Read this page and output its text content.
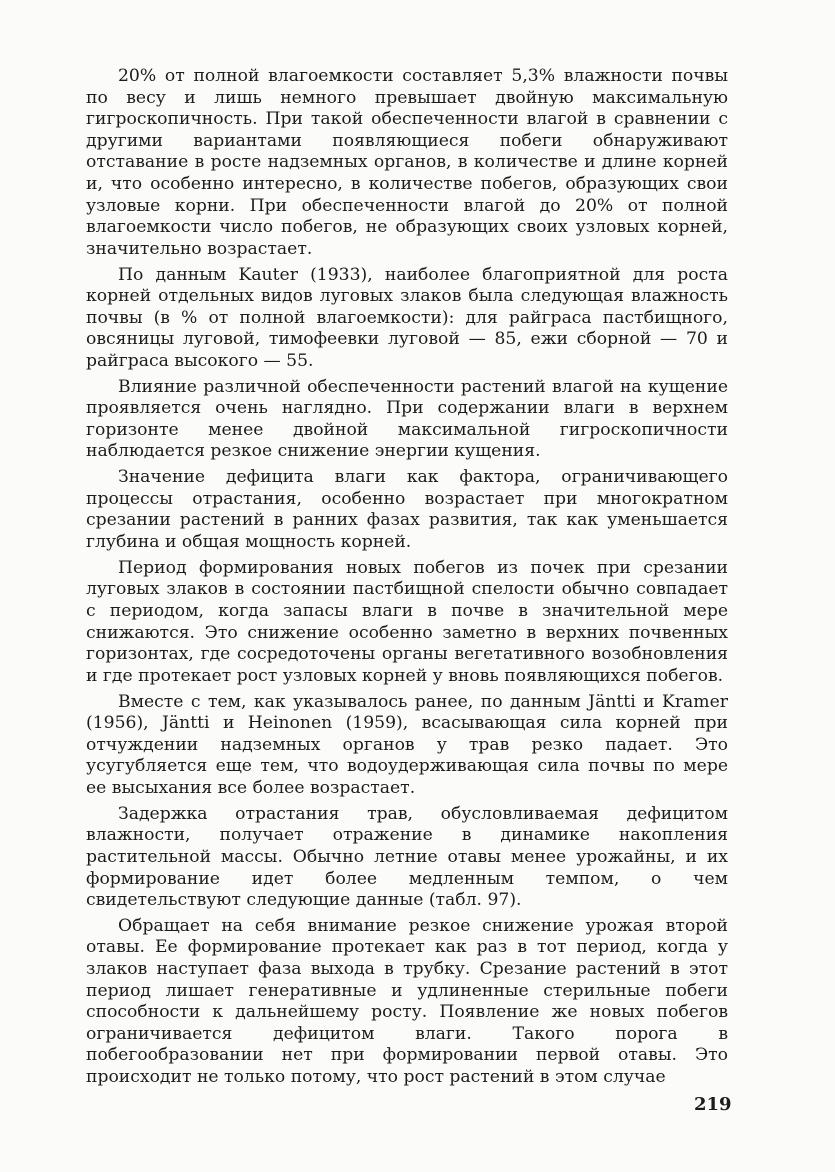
20% от полной влагоемкости составляет 5,3% влажности почвы по весу и лишь немного превышает двойную максимальную гигроскопичность. При такой обеспеченности влагой в сравнении с другими вариантами появляющиеся побеги обнаруживают отставание в росте надземных органов, в количестве и длине корней и, что особенно интересно, в количестве побегов, образующих свои узловые корни. При обеспеченности влагой до 20% от полной влагоемкости число побегов, не образующих своих узловых корней, значительно возрастает.

По данным Kauter (1933), наиболее благоприятной для роста корней отдельных видов луговых злаков была следующая влажность почвы (в % от полной влагоемкости): для райграса пастбищного, овсяницы луговой, тимофеевки луговой — 85, ежи сборной — 70 и райграса высокого — 55.

Влияние различной обеспеченности растений влагой на кущение проявляется очень наглядно. При содержании влаги в верхнем горизонте менее двойной максимальной гигроскопичности наблюдается резкое снижение энергии кущения.

Значение дефицита влаги как фактора, ограничивающего процессы отрастания, особенно возрастает при многократном срезании растений в ранних фазах развития, так как уменьшается глубина и общая мощность корней.

Период формирования новых побегов из почек при срезании луговых злаков в состоянии пастбищной спелости обычно совпадает с периодом, когда запасы влаги в почве в значительной мере снижаются. Это снижение особенно заметно в верхних почвенных горизонтах, где сосредоточены органы вегетативного возобновления и где протекает рост узловых корней у вновь появляющихся побегов.

Вместе с тем, как указывалось ранее, по данным Jäntti и Kramer (1956), Jäntti и Heinonen (1959), всасывающая сила корней при отчуждении надземных органов у трав резко падает. Это усугубляется еще тем, что водоудерживающая сила почвы по мере ее высыхания все более возрастает.

Задержка отрастания трав, обусловливаемая дефицитом влажности, получает отражение в динамике накопления растительной массы. Обычно летние отавы менее урожайны, и их формирование идет более медленным темпом, о чем свидетельствуют следующие данные (табл. 97).

Обращает на себя внимание резкое снижение урожая второй отавы. Ее формирование протекает как раз в тот период, когда у злаков наступает фаза выхода в трубку. Срезание растений в этот период лишает генеративные и удлиненные стерильные побеги способности к дальнейшему росту. Появление же новых побегов ограничивается дефицитом влаги. Такого порога в побегообразовании нет при формировании первой отавы. Это происходит не только потому, что рост растений в этом случае

219
